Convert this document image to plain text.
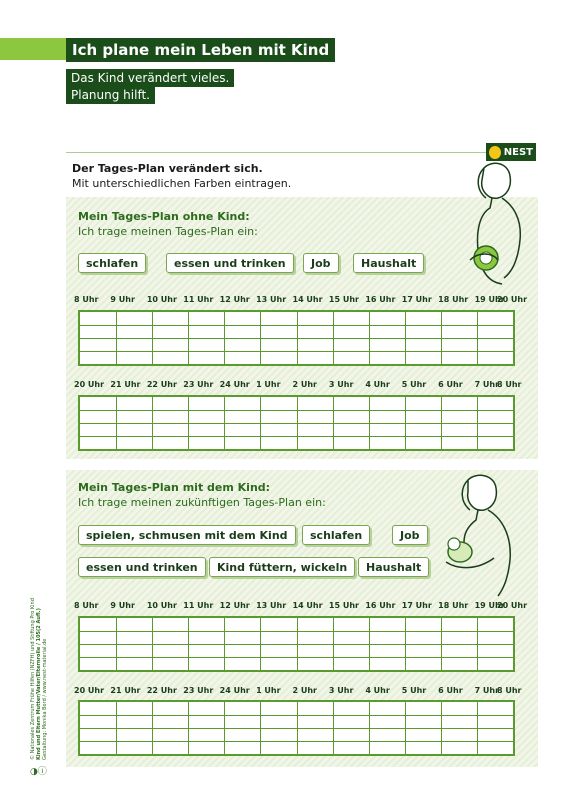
Ich plane mein Leben mit Kind
Das Kind verändert vieles.
Planung hilft.
NEST
Der Tages-Plan verändert sich.
Mit unterschiedlichen Farben eintragen.
Mein Tages-Plan ohne Kind:
Ich trage meinen Tages-Plan ein:
schlafen	essen und trinken	Job	Haushalt
8 Uhr 9 Uhr 10 Uhr 11 Uhr 12 Uhr 13 Uhr 14 Uhr 15 Uhr 16 Uhr 17 Uhr 18 Uhr 19 Uhr
20 Uhr
20 Uhr 21 Uhr 22 Uhr 23 Uhr 24 Uhr 1 Uhr 2 Uhr 3 Uhr 4 Uhr 5 Uhr 6 Uhr 7 Uhr
8 Uhr
Mein Tages-Plan mit dem Kind:
Ich trage meinen zukünftigen Tages-Plan ein:
spielen, schmusen mit dem Kind	schlafen	Job
essen und trinken	Kind füttern, wickeln	Haushalt
8 Uhr 9 Uhr 10 Uhr 11 Uhr 12 Uhr 13 Uhr 14 Uhr 15 Uhr 16 Uhr 17 Uhr 18 Uhr 19 Uhr
20 Uhr
20 Uhr 21 Uhr 22 Uhr 23 Uhr 24 Uhr 1 Uhr 2 Uhr 3 Uhr 4 Uhr 5 Uhr 6 Uhr 7 Uhr
8 Uhr
© Nationales Zentrum Frühe Hilfen (NZFH) und Stiftung Pro Kind Kind und Eltern Mutter/Vater/Elternrolle / 105(2 Aufl.) Gestaltung: Monika Bord / www.nest-material.de
◑ⓘ
